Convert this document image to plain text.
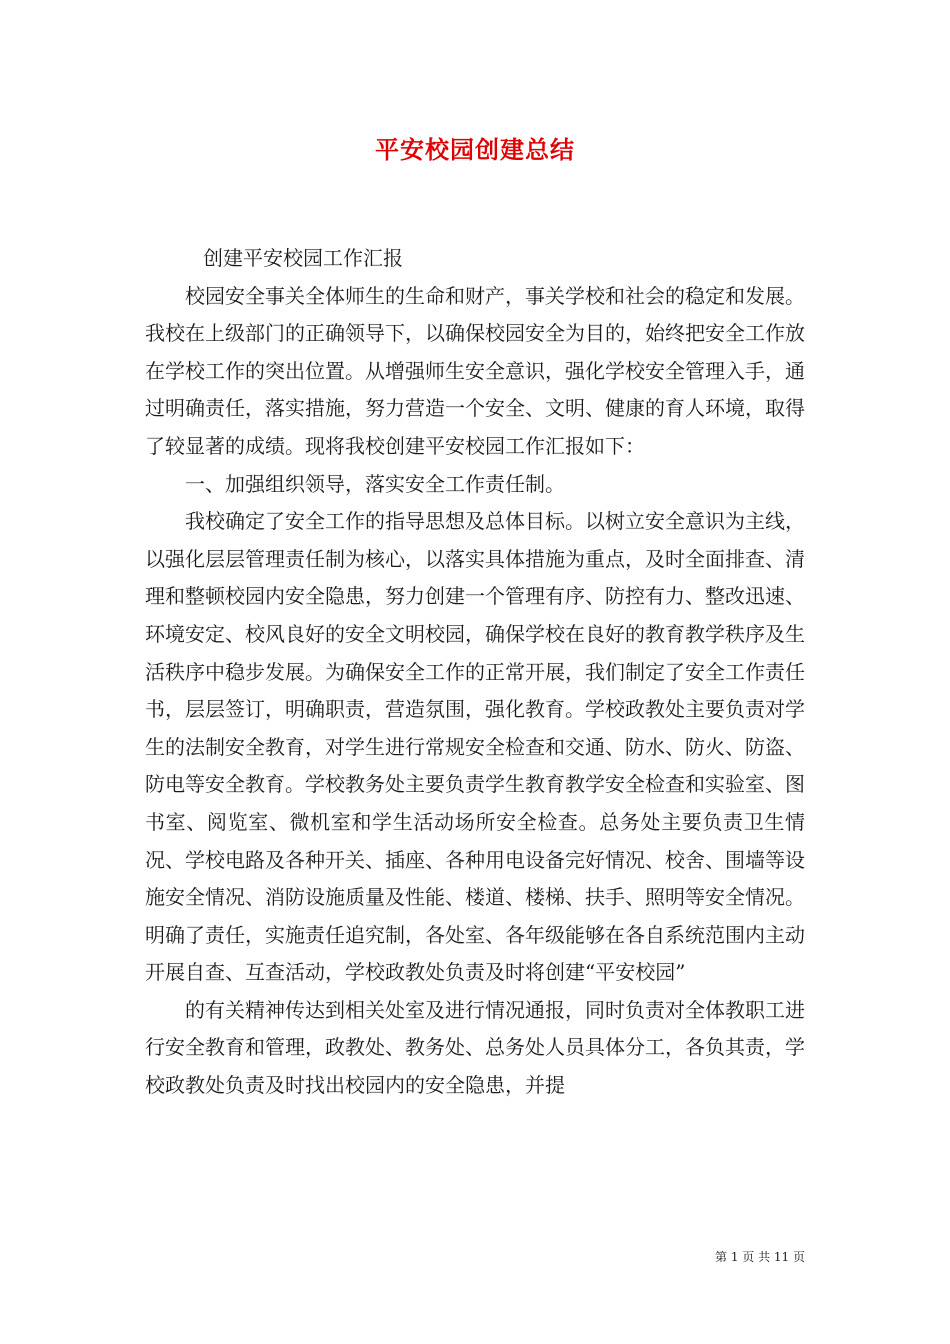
平安校园创建总结

创建平安校园工作汇报

校园安全事关全体师生的生命和财产，事关学校和社会的稳定和发展。我校在上级部门的正确领导下，以确保校园安全为目的，始终把安全工作放在学校工作的突出位置。从增强师生安全意识，强化学校安全管理入手，通过明确责任，落实措施，努力营造一个安全、文明、健康的育人环境，取得了较显著的成绩。现将我校创建平安校园工作汇报如下：

一、加强组织领导，落实安全工作责任制。

我校确定了安全工作的指导思想及总体目标。以树立安全意识为主线，以强化层层管理责任制为核心，以落实具体措施为重点，及时全面排查、清理和整顿校园内安全隐患，努力创建一个管理有序、防控有力、整改迅速、环境安定、校风良好的安全文明校园，确保学校在良好的教育教学秩序及生活秩序中稳步发展。为确保安全工作的正常开展，我们制定了安全工作责任书，层层签订，明确职责，营造氛围，强化教育。学校政教处主要负责对学生的法制安全教育，对学生进行常规安全检查和交通、防水、防火、防盗、防电等安全教育。学校教务处主要负责学生教育教学安全检查和实验室、图书室、阅览室、微机室和学生活动场所安全检查。总务处主要负责卫生情况、学校电路及各种开关、插座、各种用电设备完好情况、校舍、围墙等设施安全情况、消防设施质量及性能、楼道、楼梯、扶手、照明等安全情况。明确了责任，实施责任追究制，各处室、各年级能够在各自系统范围内主动开展自查、互查活动，学校政教处负责及时将创建“平安校园”

的有关精神传达到相关处室及进行情况通报，同时负责对全体教职工进行安全教育和管理，政教处、教务处、总务处人员具体分工，各负其责，学校政教处负责及时找出校园内的安全隐患，并提

第 1 页 共 11 页
